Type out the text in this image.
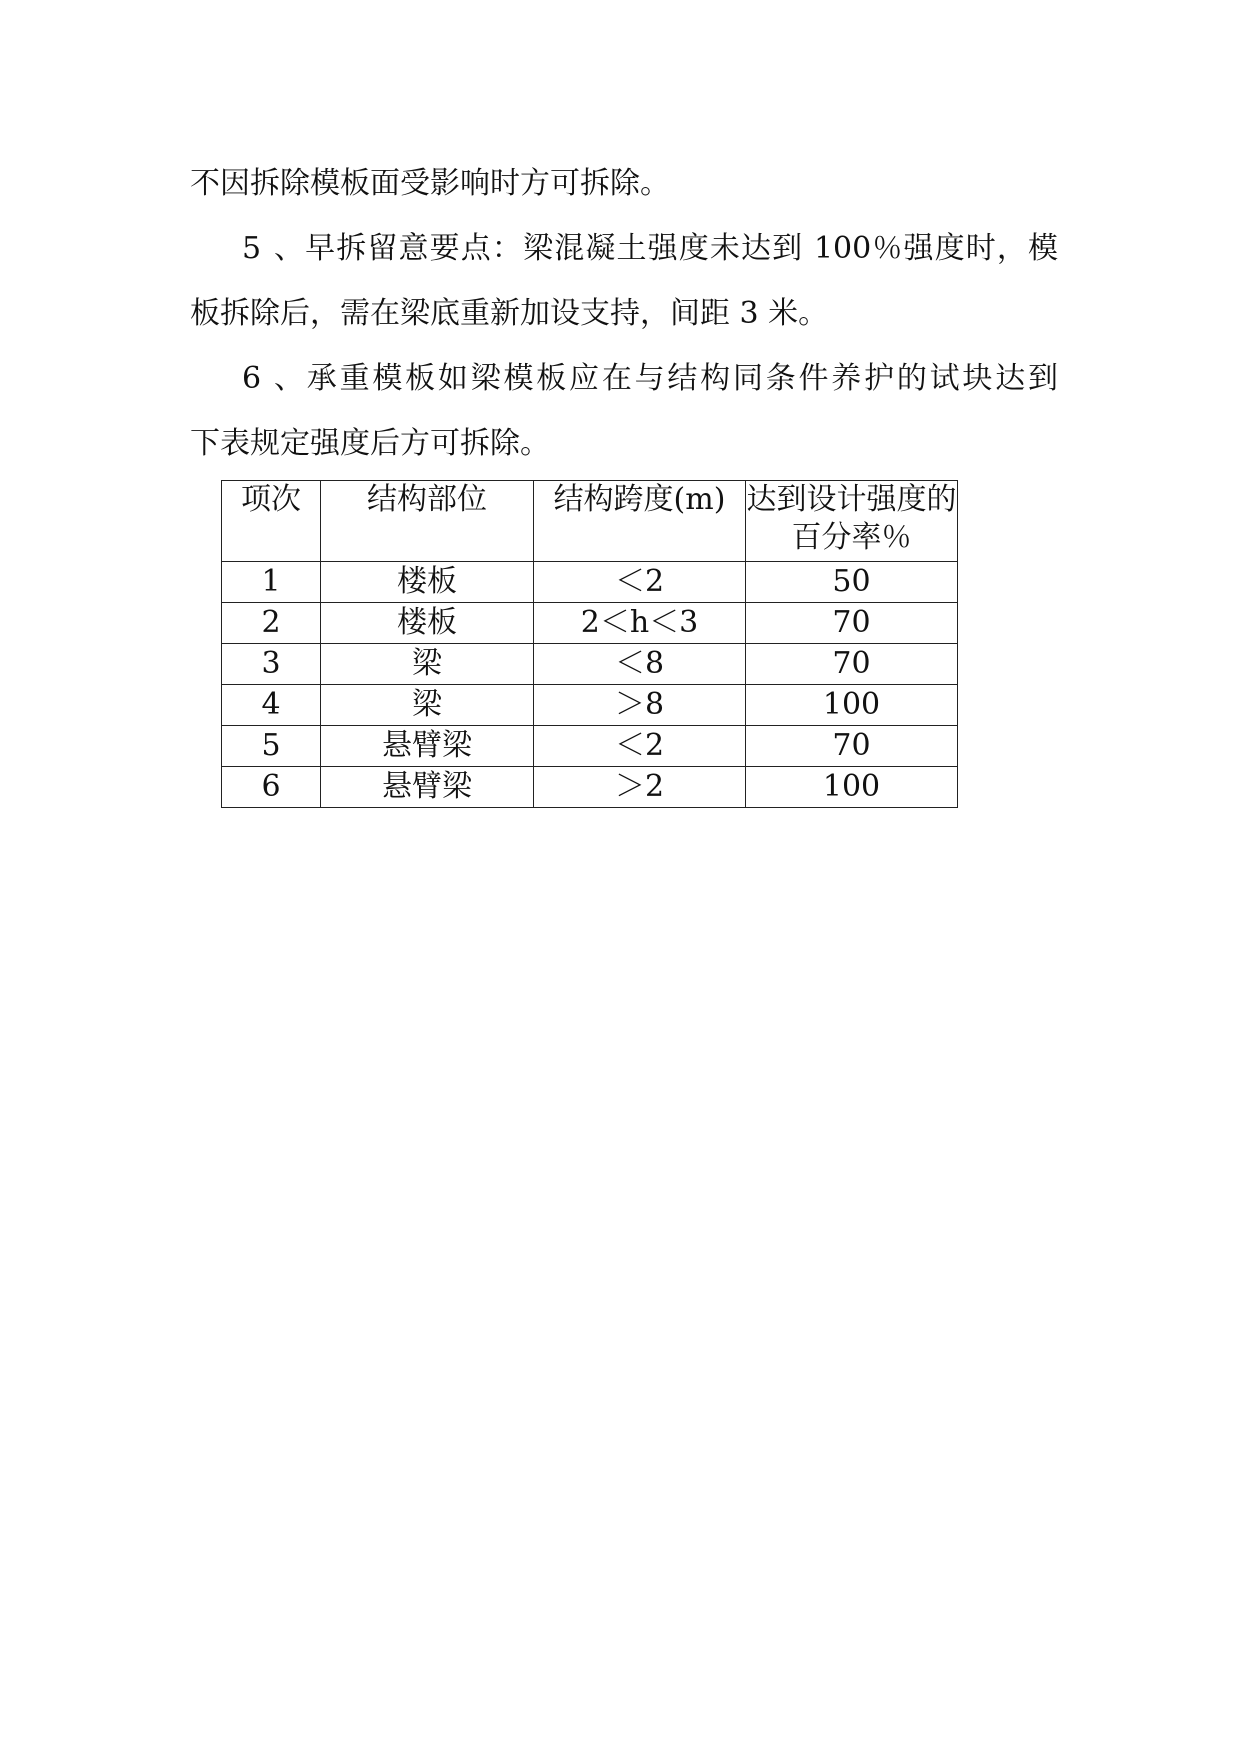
不因拆除模板面受影响时方可拆除。
5、早拆留意要点：梁混凝土强度未达到 100％强度时，模
板拆除后，需在梁底重新加设支持，间距 3 米。
6、承重模板如梁模板应在与结构同条件养护的试块达到
下表规定强度后方可拆除。
项次	结构部位	结构跨度(m)	达到设计强度的百分率％
1	楼板	＜2	50
2	楼板	2＜h＜3	70
3	梁	＜8	70
4	梁	＞8	100
5	悬臂梁	＜2	70
6	悬臂梁	＞2	100
